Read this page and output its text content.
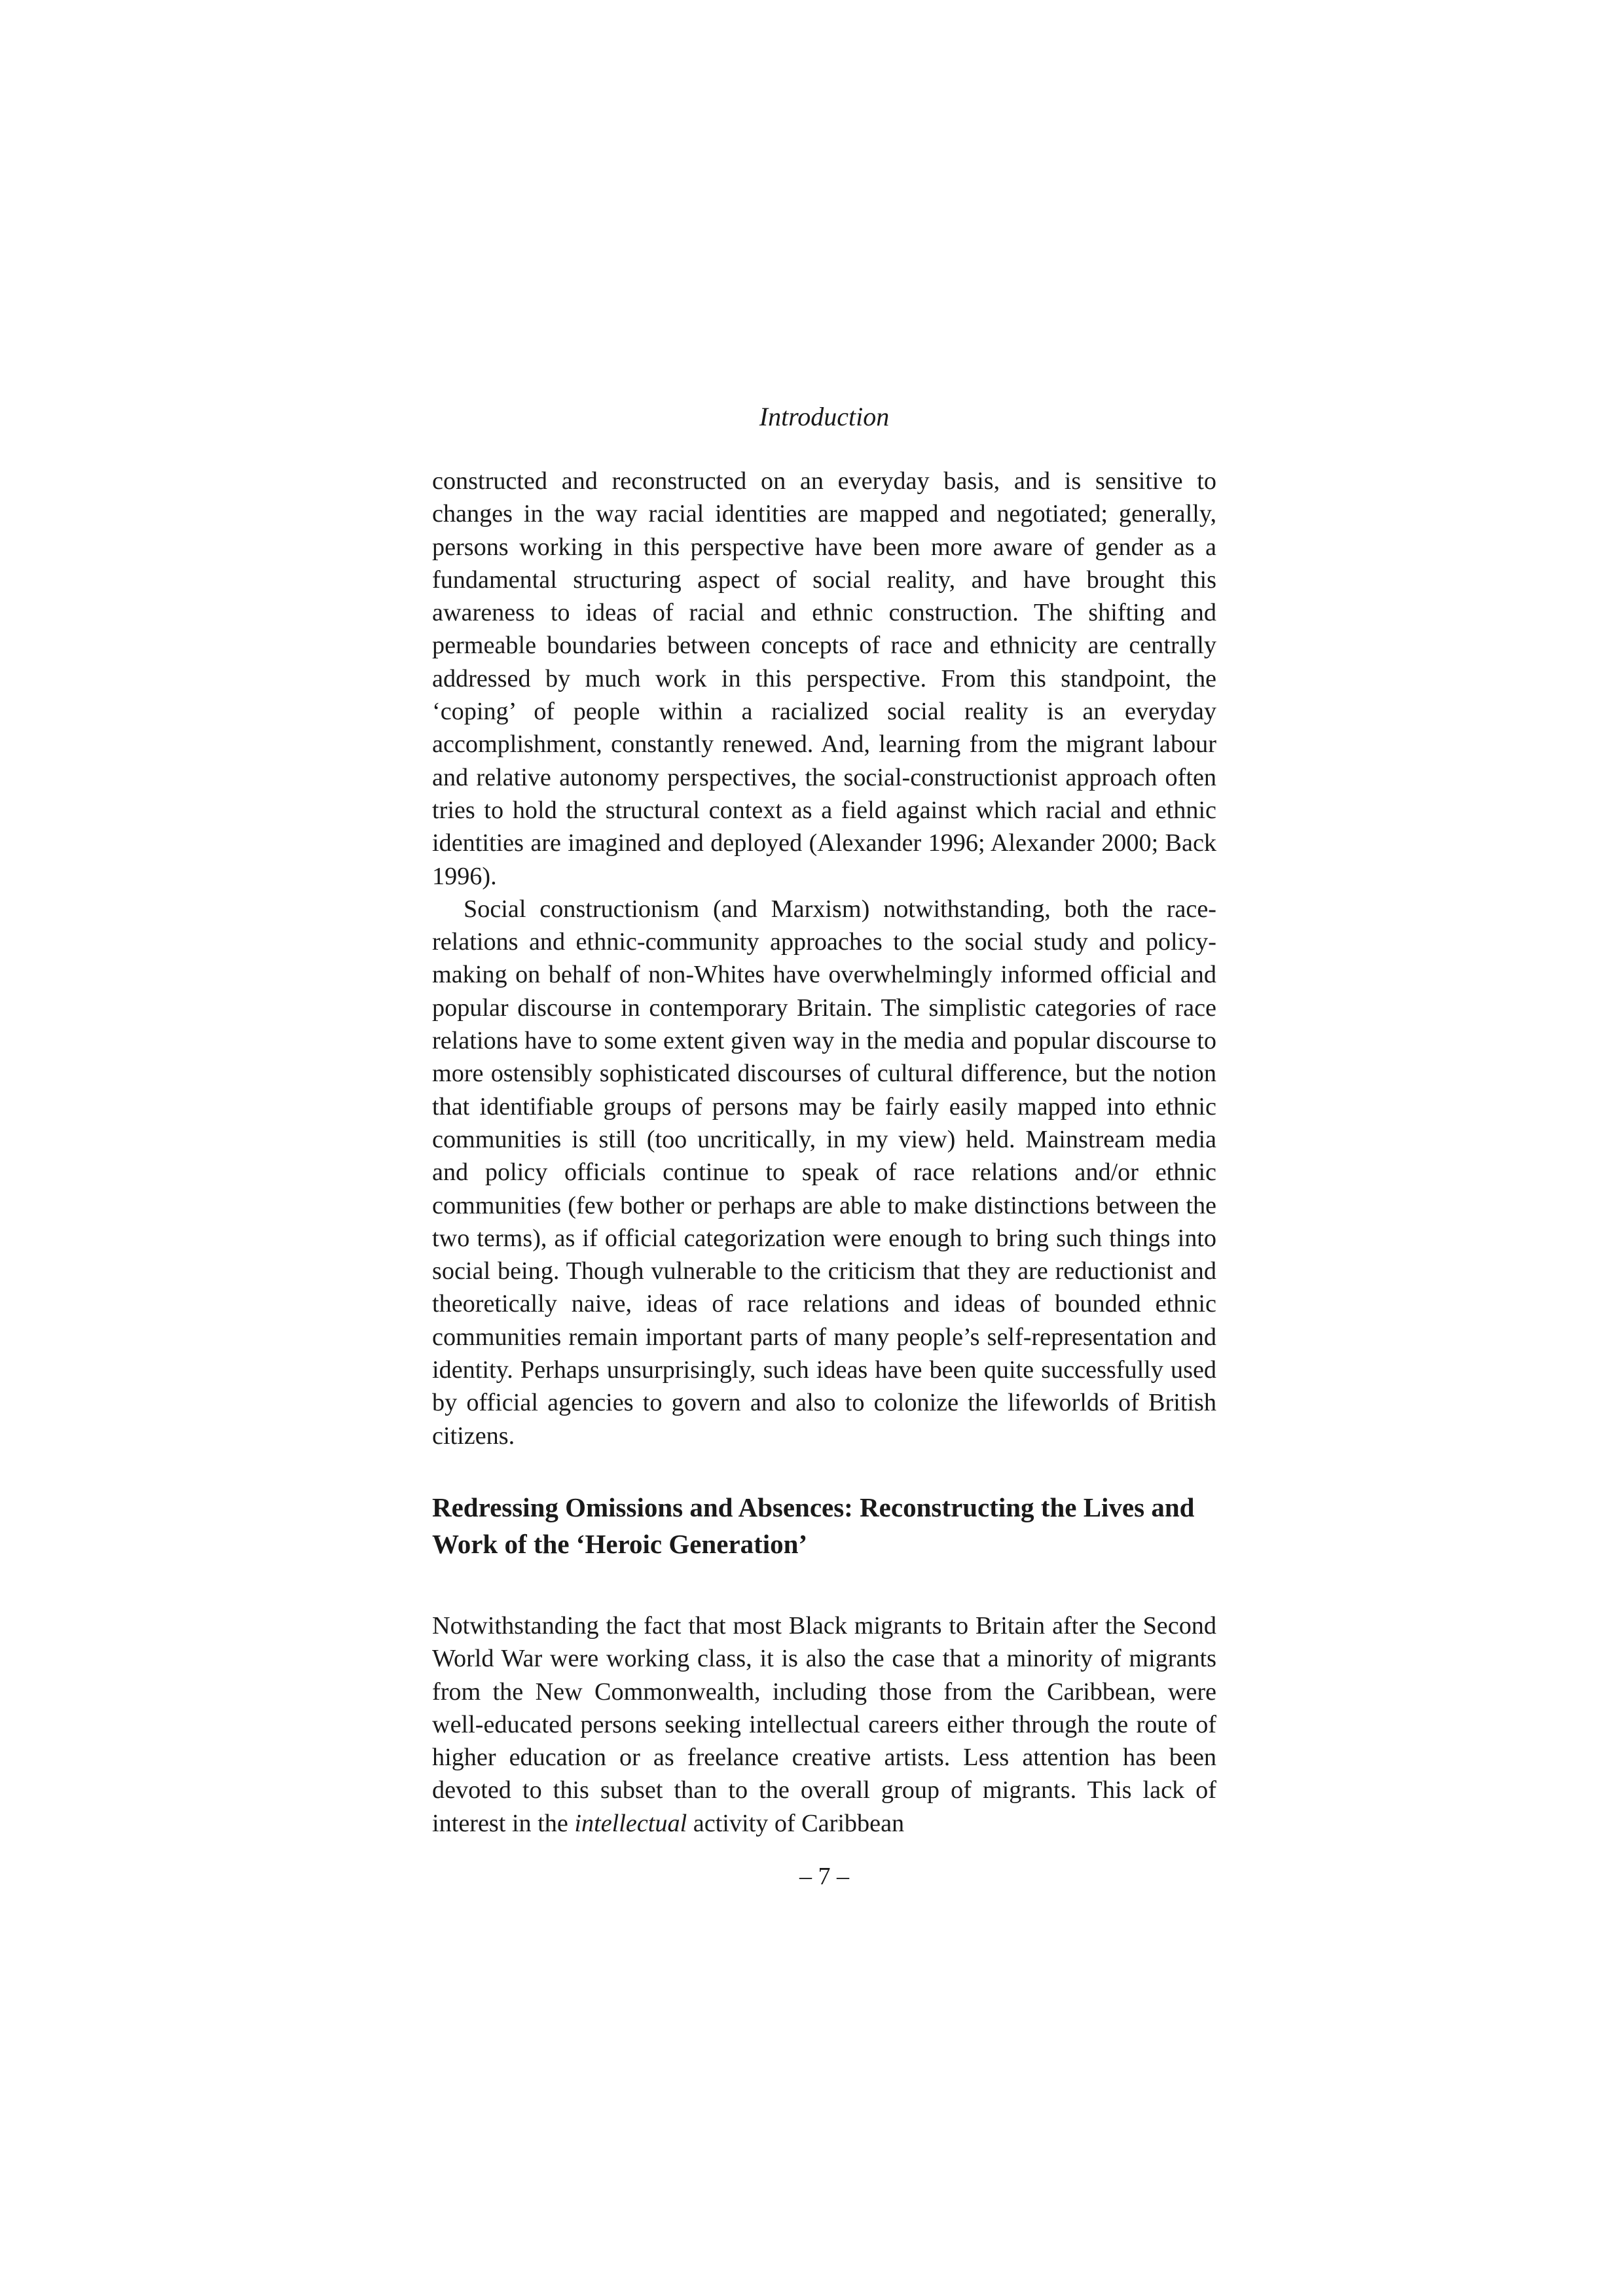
Introduction

constructed and reconstructed on an everyday basis, and is sensitive to changes in the way racial identities are mapped and negotiated; generally, persons working in this perspective have been more aware of gender as a fundamental structuring aspect of social reality, and have brought this awareness to ideas of racial and ethnic construction. The shifting and permeable boundaries between concepts of race and ethnicity are centrally addressed by much work in this perspective. From this standpoint, the ‘coping’ of people within a racialized social reality is an everyday accomplishment, constantly renewed. And, learning from the migrant labour and relative autonomy perspectives, the social-constructionist approach often tries to hold the structural context as a field against which racial and ethnic identities are imagined and deployed (Alexander 1996; Alexander 2000; Back 1996).

Social constructionism (and Marxism) notwithstanding, both the race-relations and ethnic-community approaches to the social study and policy-making on behalf of non-Whites have overwhelmingly informed official and popular discourse in contemporary Britain. The simplistic categories of race relations have to some extent given way in the media and popular discourse to more ostensibly sophisticated discourses of cultural difference, but the notion that identifiable groups of persons may be fairly easily mapped into ethnic communities is still (too uncritically, in my view) held. Mainstream media and policy officials continue to speak of race relations and/or ethnic communities (few bother or perhaps are able to make distinctions between the two terms), as if official categorization were enough to bring such things into social being. Though vulnerable to the criticism that they are reductionist and theoretically naive, ideas of race relations and ideas of bounded ethnic communities remain important parts of many people’s self-representation and identity. Perhaps unsurprisingly, such ideas have been quite successfully used by official agencies to govern and also to colonize the lifeworlds of British citizens.

Redressing Omissions and Absences: Reconstructing the Lives and Work of the ‘Heroic Generation’

Notwithstanding the fact that most Black migrants to Britain after the Second World War were working class, it is also the case that a minority of migrants from the New Commonwealth, including those from the Caribbean, were well-educated persons seeking intellectual careers either through the route of higher education or as freelance creative artists. Less attention has been devoted to this subset than to the overall group of migrants. This lack of interest in the intellectual activity of Caribbean

– 7 –
